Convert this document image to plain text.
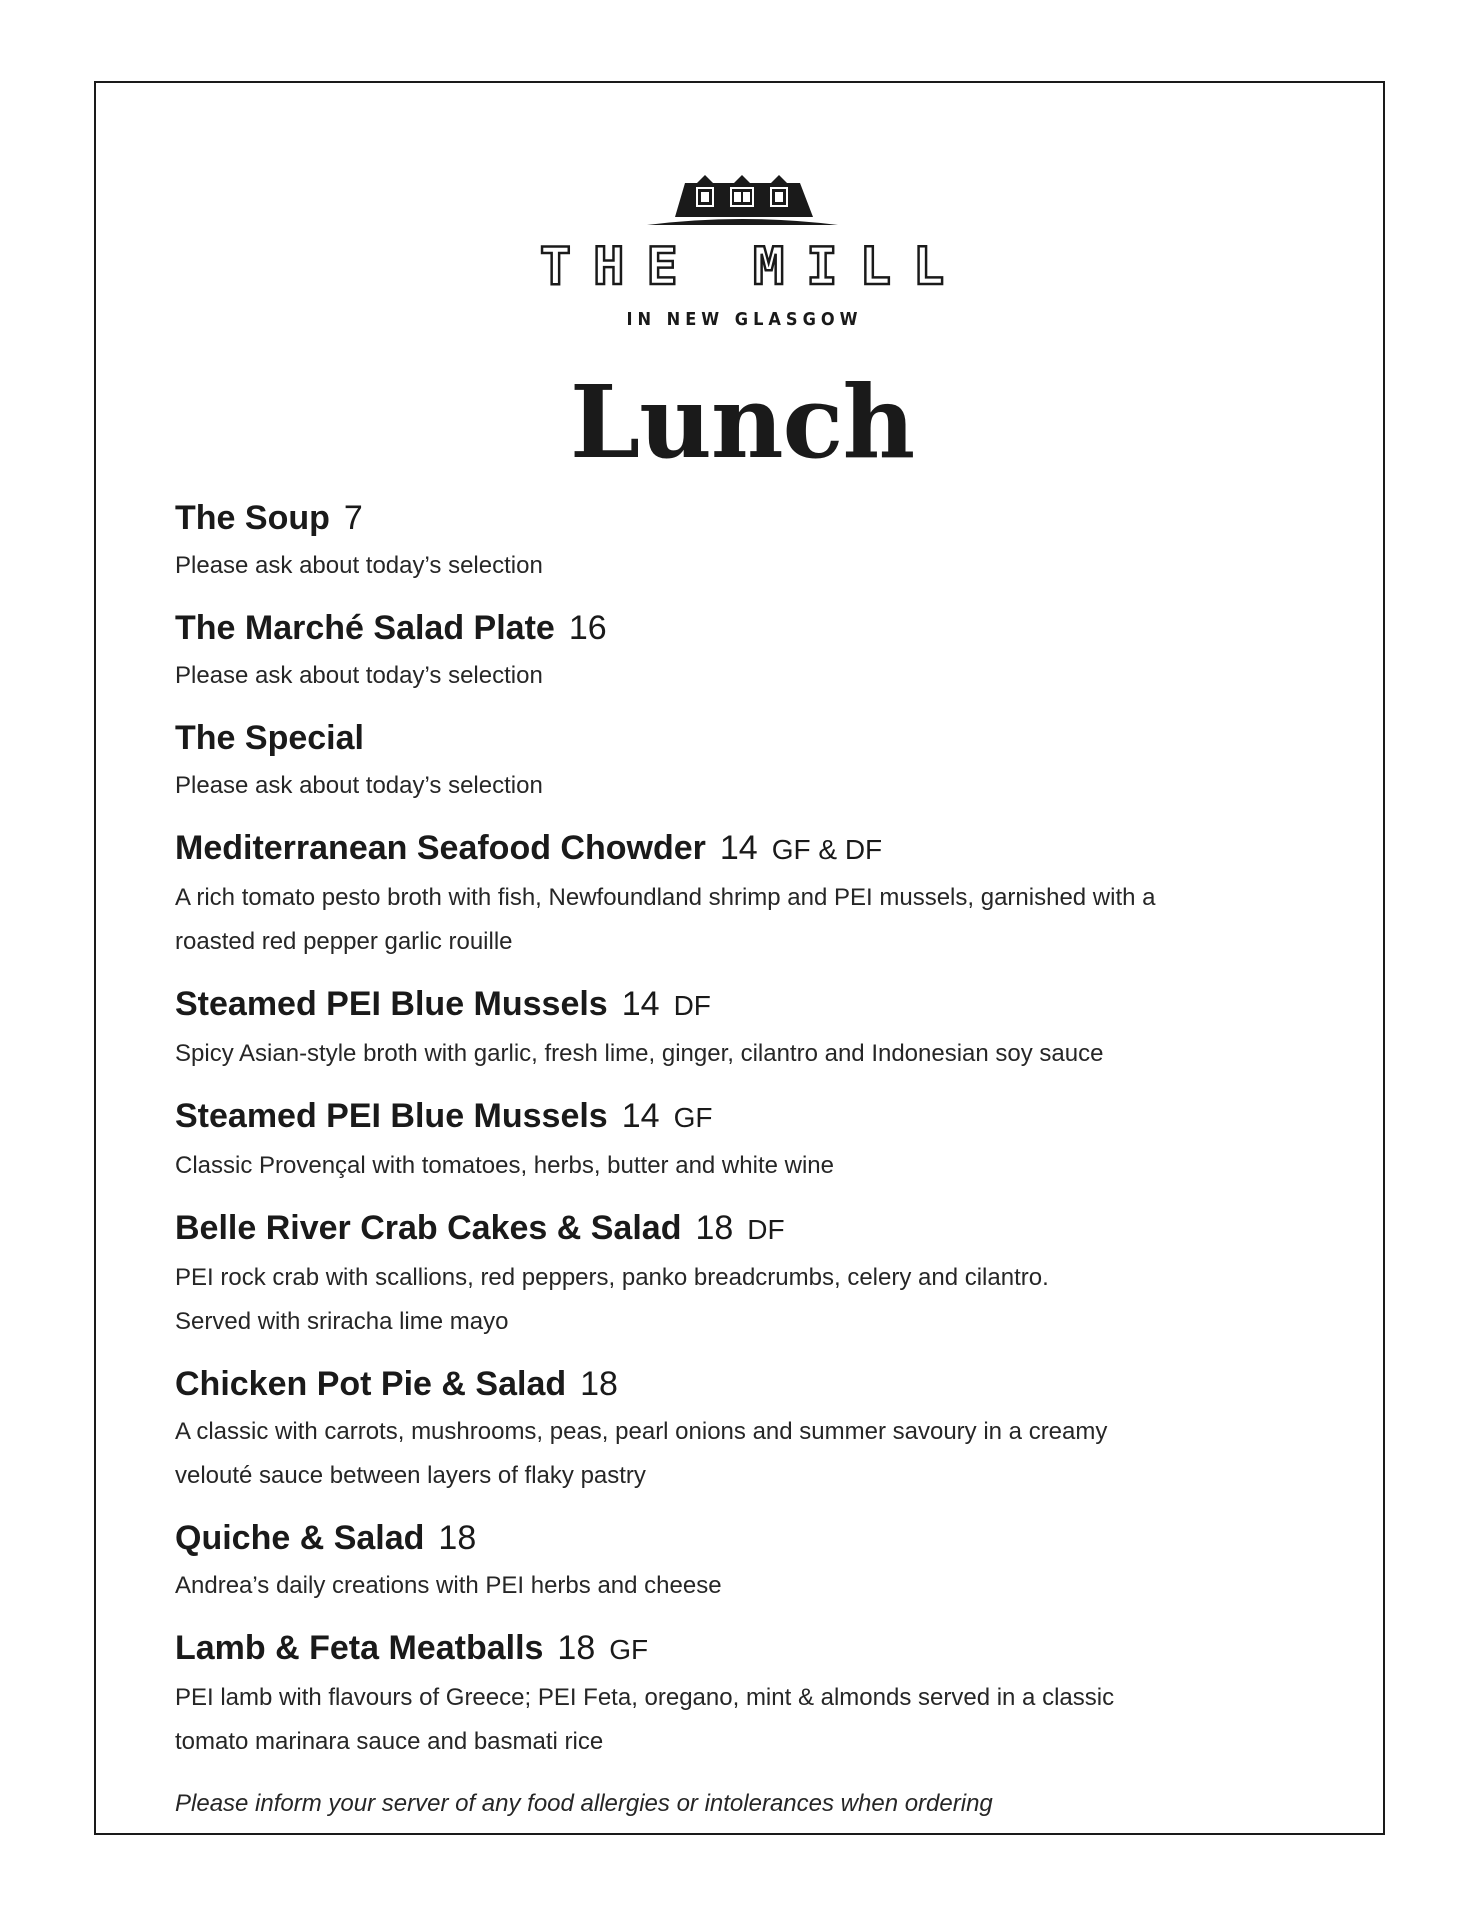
THE MILL
IN NEW GLASGOW
Lunch
The Soup 7
Please ask about today’s selection
The Marché Salad Plate 16
Please ask about today’s selection
The Special
Please ask about today’s selection
Mediterranean Seafood Chowder 14 GF & DF
A rich tomato pesto broth with fish, Newfoundland shrimp and PEI mussels, garnished with a
roasted red pepper garlic rouille
Steamed PEI Blue Mussels 14 DF
Spicy Asian-style broth with garlic, fresh lime, ginger, cilantro and Indonesian soy sauce
Steamed PEI Blue Mussels 14 GF
Classic Provençal with tomatoes, herbs, butter and white wine
Belle River Crab Cakes & Salad 18 DF
PEI rock crab with scallions, red peppers, panko breadcrumbs, celery and cilantro.
Served with sriracha lime mayo
Chicken Pot Pie & Salad 18
A classic with carrots, mushrooms, peas, pearl onions and summer savoury in a creamy
velouté sauce between layers of flaky pastry
Quiche & Salad 18
Andrea’s daily creations with PEI herbs and cheese
Lamb & Feta Meatballs 18 GF
PEI lamb with flavours of Greece; PEI Feta, oregano, mint & almonds served in a classic
tomato marinara sauce and basmati rice
Please inform your server of any food allergies or intolerances when ordering
